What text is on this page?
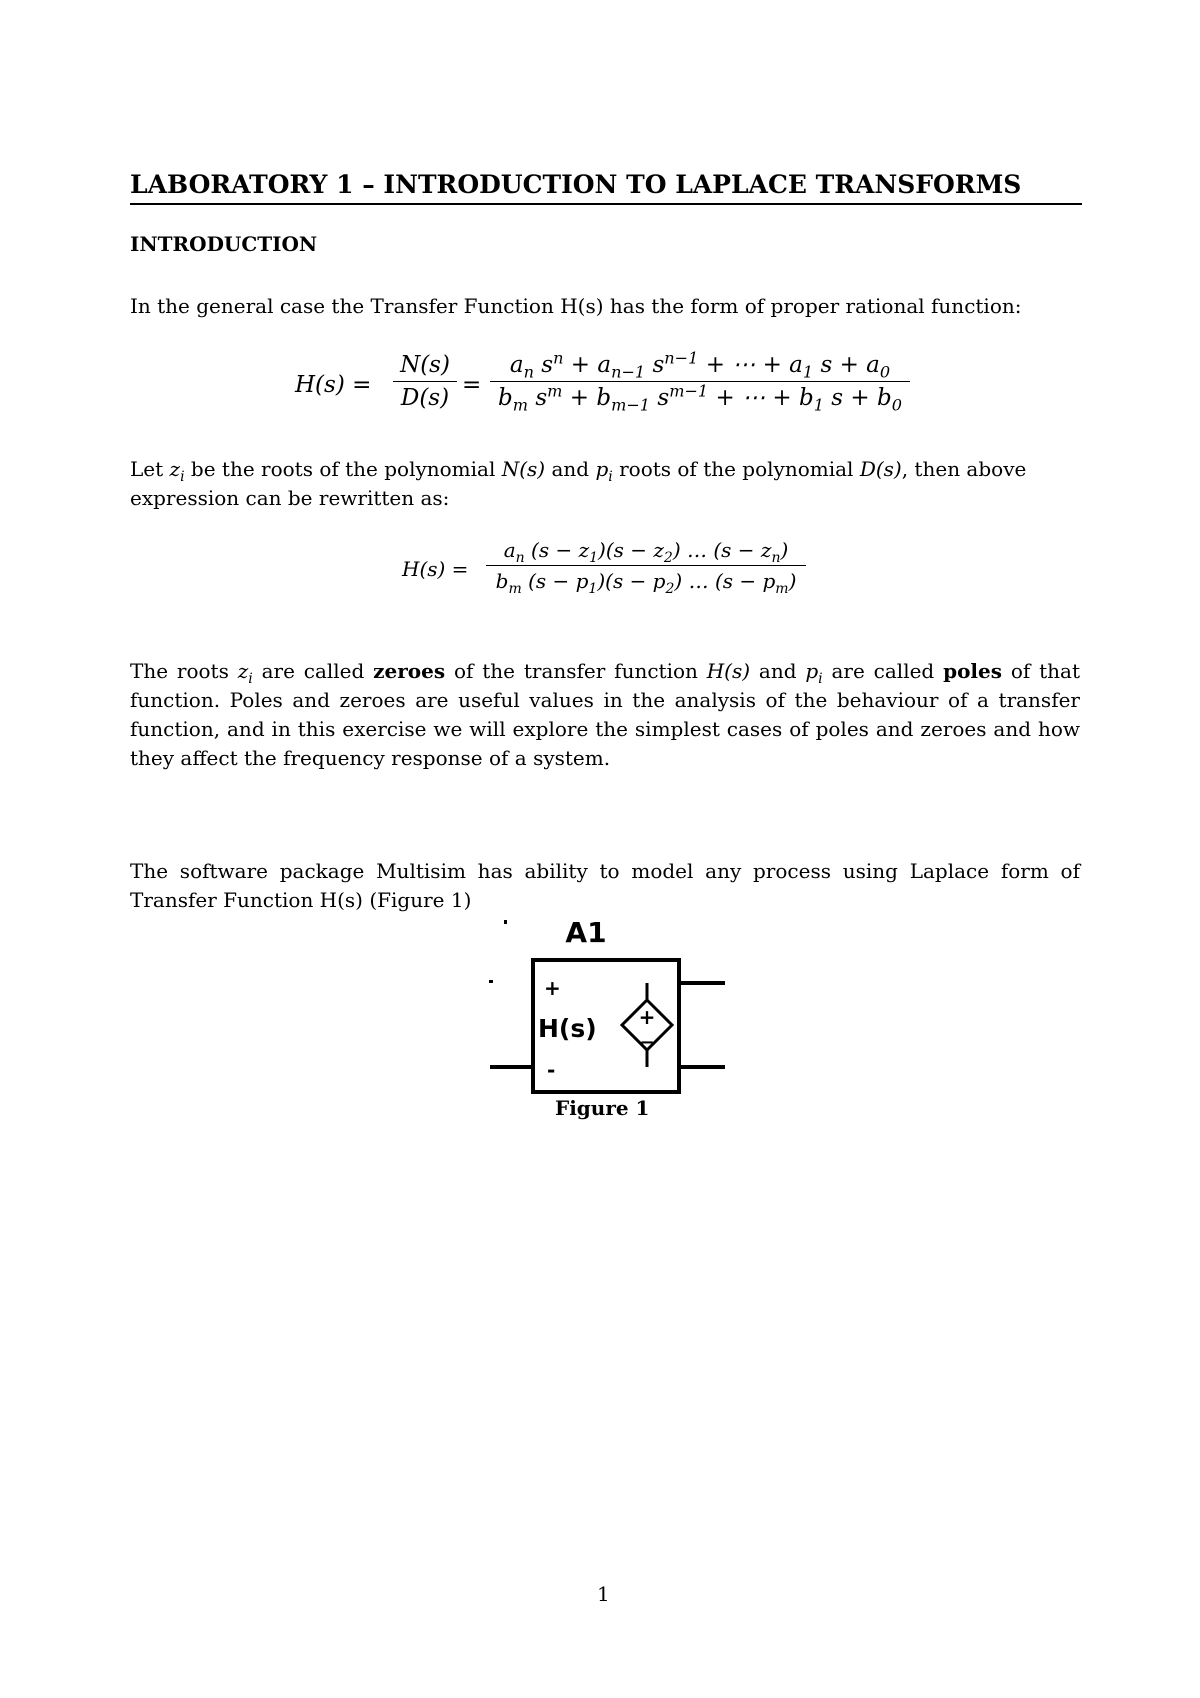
LABORATORY 1 – INTRODUCTION TO LAPLACE TRANSFORMS
INTRODUCTION
In the general case the Transfer Function H(s) has the form of proper rational function:
H(s) =
N(s)
D(s) =
$a_n$ $s^n + a_{n-1}$ $s^{n-1}$ + ⋯ + $a_1$ $s + a_0$
$b_m$ $s^m + b_{m-1}$ $s^{m-1}$ + ⋯ + $b_1$ $s + b_0$
Let $z_i$ be the roots of the polynomial N(s) and $p_i$ roots of the polynomial D(s), then above expression can be rewritten as:
H(s) =
$a_n$ $(s - z_1)(s - z_2)$ … $(s - z_n)$
$b_m$ $(s - p_1)(s - p_2)$ … $(s - p_m)$
The roots $z_i$ are called zeroes of the transfer function H(s) and $p_i$ are called poles of that function. Poles and zeroes are useful values in the analysis of the behaviour of a transfer function, and in this exercise we will explore the simplest cases of poles and zeroes and how they affect the frequency response of a system.
The software package Multisim has ability to model any process using Laplace form of Transfer Function H(s) (Figure 1)
A1
+
−
H(s)
+
-
Figure 1
1
